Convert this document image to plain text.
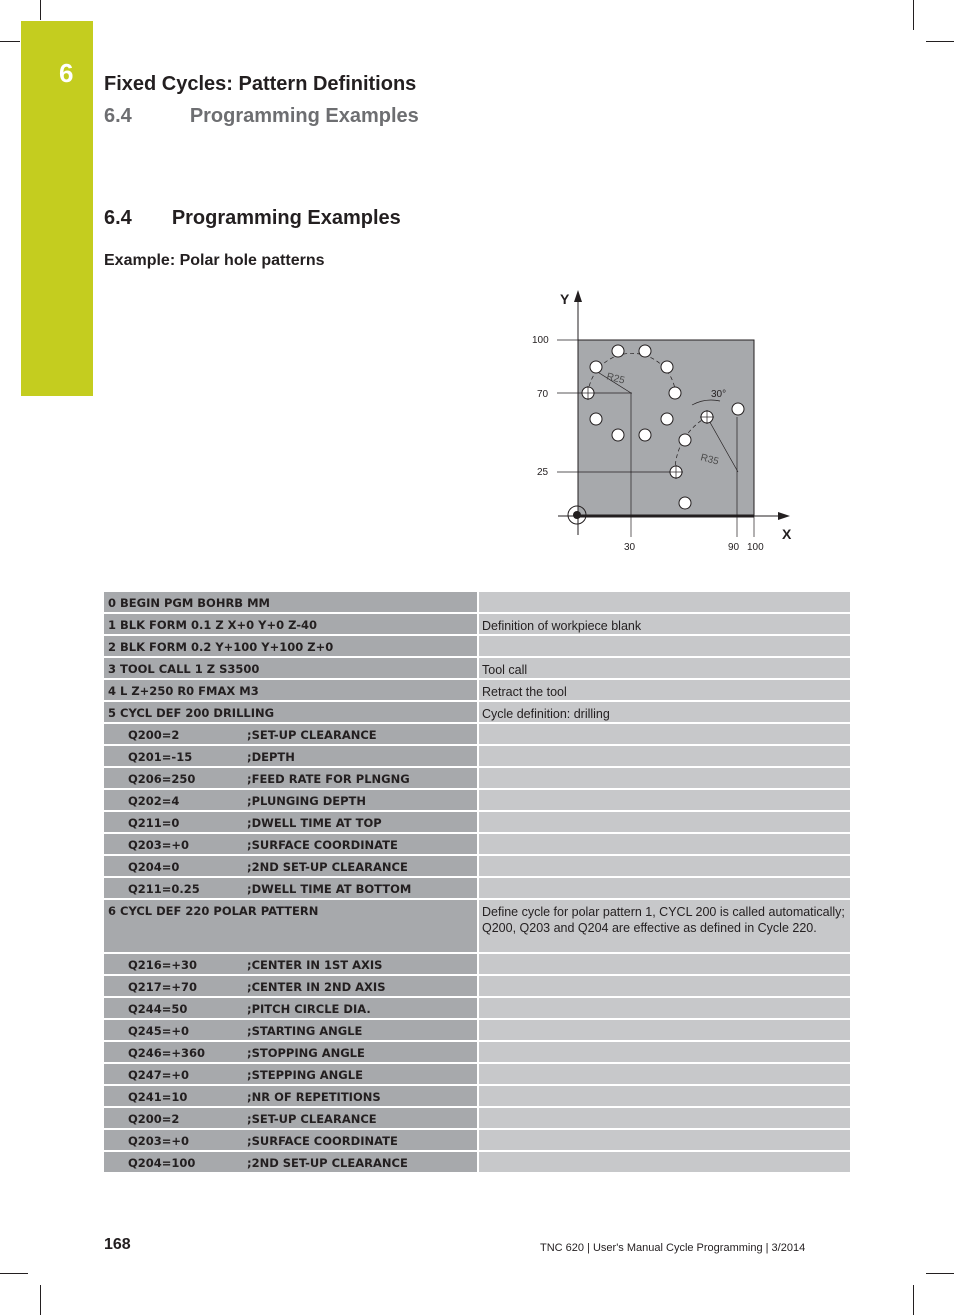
6	Fixed Cycles: Pattern Definitions
6.4	Programming Examples
6.4 Programming Examples
Example: Polar hole patterns
Y
X
100
70
25
30	90 100
R25
R35
30°
0 BEGIN PGM BOHRB MM	
1 BLK FORM 0.1 Z X+0 Y+0 Z-40	Definition of workpiece blank
2 BLK FORM 0.2 Y+100 Y+100 Z+0	
3 TOOL CALL 1 Z S3500	Tool call
4 L Z+250 R0 FMAX M3	Retract the tool
5 CYCL DEF 200 DRILLING	Cycle definition: drilling
Q200=2 ;SET-UP CLEARANCE	
Q201=-15 ;DEPTH	
Q206=250 ;FEED RATE FOR PLNGNG	
Q202=4 ;PLUNGING DEPTH	
Q211=0 ;DWELL TIME AT TOP	
Q203=+0 ;SURFACE COORDINATE	
Q204=0 ;2ND SET-UP CLEARANCE	
Q211=0.25 ;DWELL TIME AT BOTTOM	
6 CYCL DEF 220 POLAR PATTERN	Define cycle for polar pattern 1, CYCL 200 is called automatically; Q200, Q203 and Q204 are effective as defined in Cycle 220.
Q216=+30 ;CENTER IN 1ST AXIS	
Q217=+70 ;CENTER IN 2ND AXIS	
Q244=50 ;PITCH CIRCLE DIA.	
Q245=+0 ;STARTING ANGLE	
Q246=+360 ;STOPPING ANGLE	
Q247=+0 ;STEPPING ANGLE	
Q241=10 ;NR OF REPETITIONS	
Q200=2 ;SET-UP CLEARANCE	
Q203=+0 ;SURFACE COORDINATE	
Q204=100 ;2ND SET-UP CLEARANCE	
168	TNC 620 | User's Manual Cycle Programming | 3/2014
